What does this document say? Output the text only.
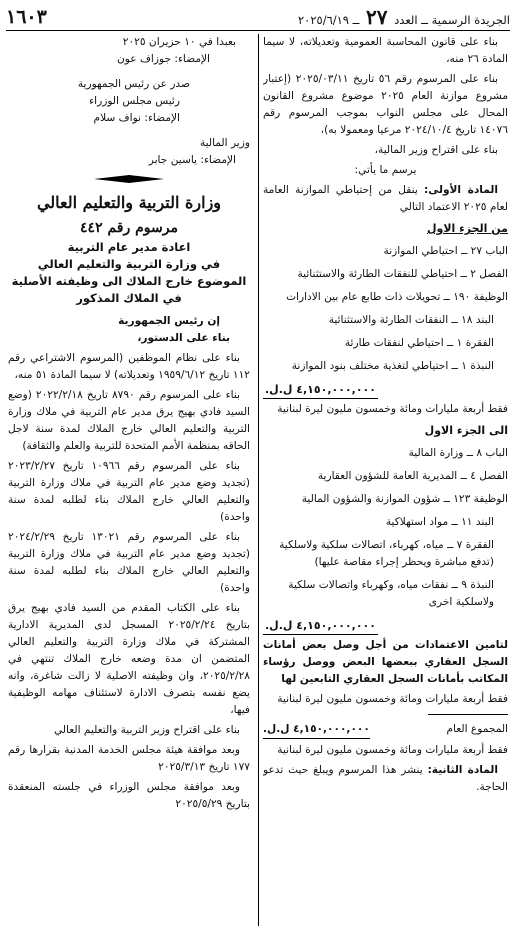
الجريدة الرسمية ــ العدد ٢٧ ــ ٢٠٢٥/٦/١٩
١٦٠٣

بناء على قانون المحاسبة العمومية وتعديلاته، لا سيما المادة ٢٦ منه،

بناء على المرسوم رقم ٥٦ تاريخ ٢٠٢٥/٠٣/١١ (إعتبار مشروع موازنة العام ٢٠٢٥ موضوع مشروع القانون المحال على مجلس النواب بموجب المرسوم رقم ١٤٠٧٦ تاريخ ٢٠٢٤/١٠/٤ مرعيا ومعمولا به)،

بناء على اقتراح وزير المالية،

يرسم ما يأتي:

المادة الأولى: ينقل من إحتياطي الموازنة العامة لعام ٢٠٢٥ الاعتماد التالي

من الجزء الاول

الباب ٢٧ ــ احتياطي الموازنة
الفصل ٢ ــ احتياطي للنفقات الطارئة والاستثنائية
الوظيفة ١٩٠ ــ تحويلات ذات طابع عام بين الادارات
البند ١٨ ــ النفقات الطارئة والاستثنائية
الفقرة ١ ــ احتياطي لنفقات طارئة
النبذة ١ ــ احتياطي لتغذية مختلف بنود الموازنة
٤,١٥٠,٠٠٠,٠٠٠ ل.ل.

فقط أربعة مليارات ومائة وخمسون مليون ليرة لبنانية

الى الجزء الاول

الباب ٨ ــ وزارة المالية
الفصل ٤ ــ المديرية العامة للشؤون العقارية
الوظيفة ١٢٣ ــ شؤون الموازنة والشؤون المالية
البند ١١ ــ مواد استهلاكية
الفقرة ٧ ــ مياه، كهرباء، اتصالات سلكية ولاسلكية (تدفع مباشرة ويحظر إجراء مقاصة عليها)
النبذة ٩ ــ نفقات مياه، وكهرباء واتصالات سلكية ولاسلكية اخرى
٤,١٥٠,٠٠٠,٠٠٠ ل.ل.

لتامين الاعتمادات من أجل وصل بعض أمانات السجل العقاري ببعضها البعض ووصل رؤساء المكاتب بأمانات السجل العقاري التابعين لها

فقط أربعة مليارات ومائة وخمسون مليون ليرة لبنانية

المجموع العام
٤,١٥٠,٠٠٠,٠٠٠ ل.ل.

فقط أربعة مليارات ومائة وخمسون مليون ليرة لبنانية

المادة الثانية: ينشر هذا المرسوم ويبلغ حيث تدعو الحاجة.

بعبدا في ١٠ حزيران ٢٠٢٥
الإمضاء: جوزاف عون
صدر عن رئيس الجمهورية
رئيس مجلس الوزراء
الإمضاء: نواف سلام
وزير المالية
الإمضاء: ياسين جابر
وزارة التربية والتعليم العالي
مرسوم رقم ٤٤٢
اعادة مدير عام التربية
في وزارة التربية والتعليم العالي
الموضوع خارج الملاك الى وظيفته الأصلية
في الملاك المذكور
إن رئيس الجمهورية
بناء على الدستور،

بناء على نظام الموظفين (المرسوم الاشتراعي رقم ١١٢ تاريخ ١٩٥٩/٦/١٢ وتعديلاته) لا سيما المادة ٥١ منه،

بناء على المرسوم رقم ٨٧٩٠ تاريخ ٢٠٢٢/٢/١٨ (وضع السيد فادي بهيج يرق مدير عام التربية في ملاك وزارة التربية والتعليم العالي خارج الملاك لمدة سنة لاجل الحاقه بمنظمة الأمم المتحدة للتربية والعلم والثقافة)

بناء على المرسوم رقم ١٠٩٦٦ تاريخ ٢٠٢٣/٢/٢٧ (تجديد وضع مدير عام التربية في ملاك وزارة التربية والتعليم العالي خارج الملاك بناء لطلبه لمدة سنة واحدة)

بناء على المرسوم رقم ١٣٠٢١ تاريخ ٢٠٢٤/٢/٢٩ (تجديد وضع مدير عام التربية في ملاك وزارة التربية والتعليم العالي خارج الملاك بناء لطلبه لمدة سنة واحدة)

بناء على الكتاب المقدم من السيد فادي بهيج يرق بتاريخ ٢٠٢٥/٢/٢٤ المسجل لدى المديرية الادارية المشتركة في ملاك وزارة التربية والتعليم العالي المتضمن ان مدة وضعه خارج الملاك تنتهي في ٢٠٢٥/٢/٢٨، وان وظيفته الاصلية لا زالت شاغرة، وانه يضع نفسه بتصرف الادارة لاستئناف مهامه الوظيفية فيها،

بناء على اقتراح وزير التربية والتعليم العالي

وبعد موافقة هيئة مجلس الخدمة المدنية بقرارها رقم ١٧٧ تاريخ ٢٠٢٥/٣/١٣

وبعد موافقة مجلس الوزراء في جلسته المنعقدة بتاريخ ٢٠٢٥/٥/٢٩
